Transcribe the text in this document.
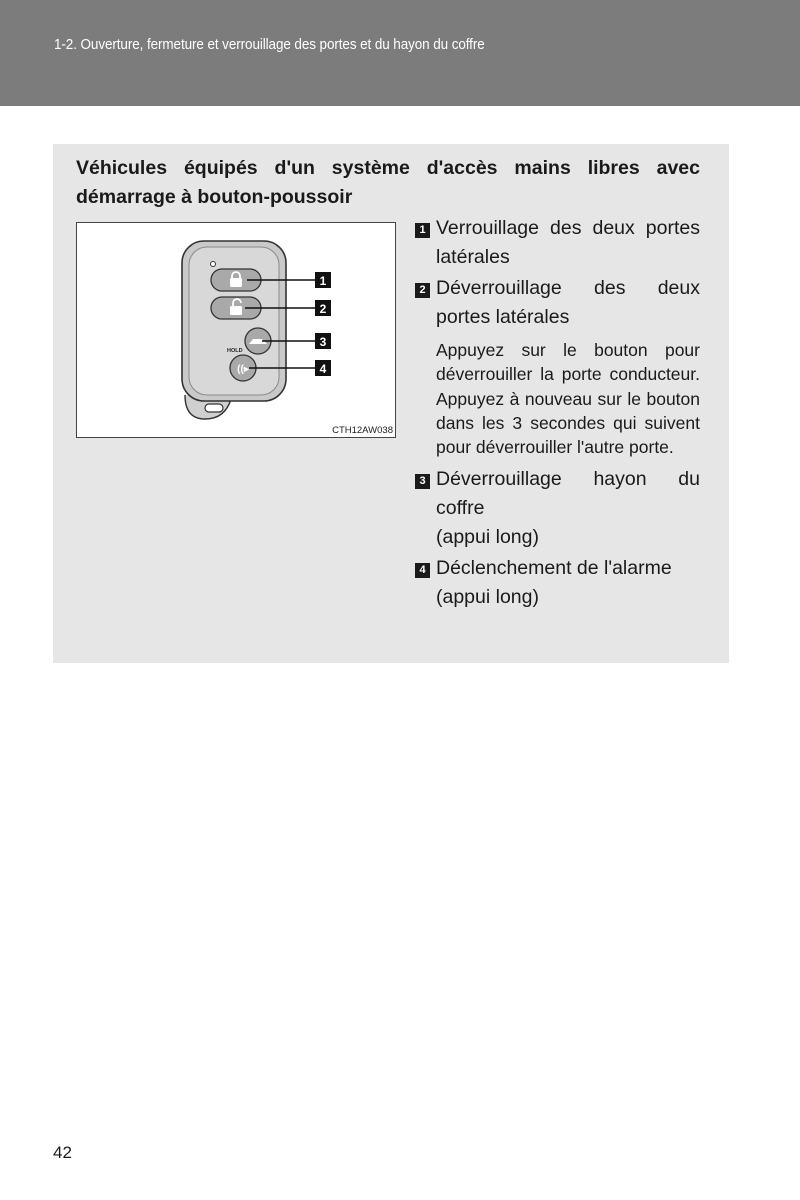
1-2. Ouverture, fermeture et verrouillage des portes et du hayon du coffre
Véhicules équipés d'un système d'accès mains libres avec démarrage à bouton-poussoir
HOLD
((▸
1
2
3
4
CTH12AW038
1 Verrouillage des deux portes latérales
2 Déverrouillage des deux portes latérales
Appuyez sur le bouton pour déverrouiller la porte conducteur. Appuyez à nouveau sur le bouton dans les 3 secondes qui suivent pour déverrouiller l'autre porte.
3 Déverrouillage hayon du coffre
(appui long)
4 Déclenchement de l'alarme
(appui long)
42
